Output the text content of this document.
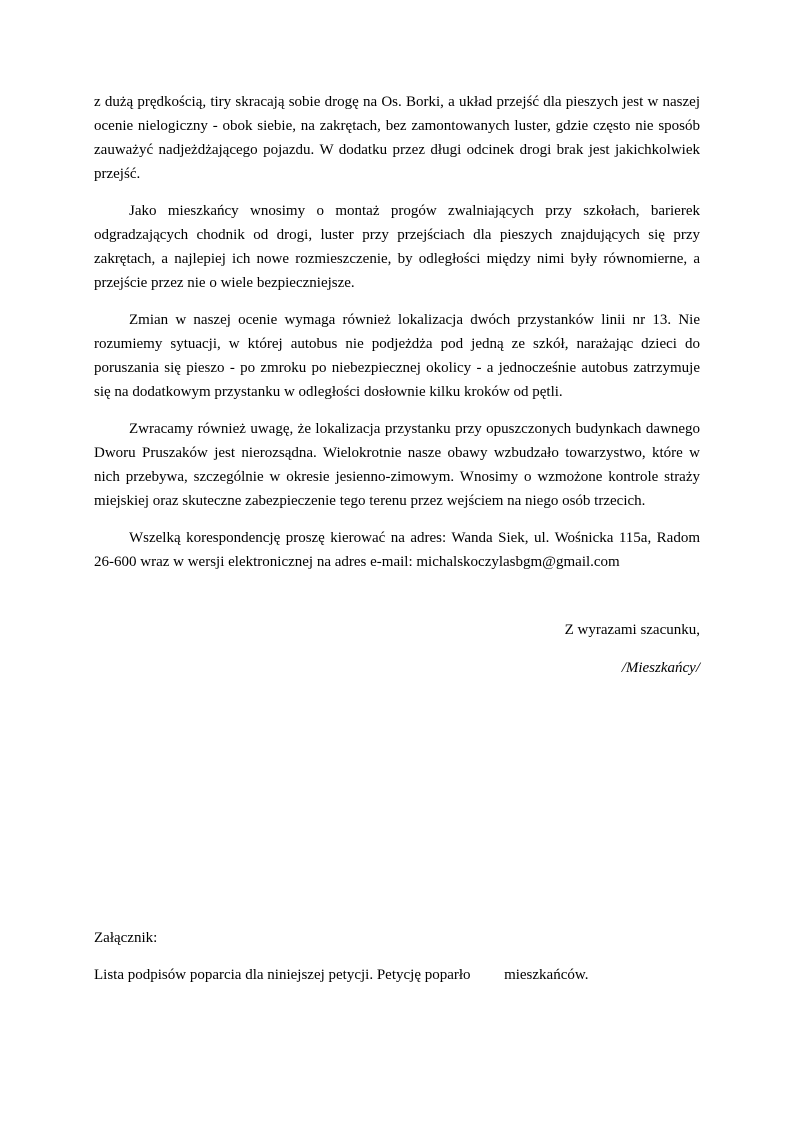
z dużą prędkością, tiry skracają sobie drogę na Os. Borki, a układ przejść dla pieszych jest w naszej ocenie nielogiczny - obok siebie, na zakrętach, bez zamontowanych luster, gdzie często nie sposób zauważyć nadjeżdżającego pojazdu. W dodatku przez długi odcinek drogi brak jest jakichkolwiek przejść.

Jako mieszkańcy wnosimy o montaż progów zwalniających przy szkołach, barierek odgradzających chodnik od drogi, luster przy przejściach dla pieszych znajdujących się przy zakrętach, a najlepiej ich nowe rozmieszczenie, by odległości między nimi były równomierne, a przejście przez nie o wiele bezpieczniejsze.

Zmian w naszej ocenie wymaga również lokalizacja dwóch przystanków linii nr 13. Nie rozumiemy sytuacji, w której autobus nie podjeżdża pod jedną ze szkół, narażając dzieci do poruszania się pieszo - po zmroku po niebezpiecznej okolicy - a jednocześnie autobus zatrzymuje się na dodatkowym przystanku w odległości dosłownie kilku kroków od pętli.

Zwracamy również uwagę, że lokalizacja przystanku przy opuszczonych budynkach dawnego Dworu Pruszaków jest nierozsądna. Wielokrotnie nasze obawy wzbudzało towarzystwo, które w nich przebywa, szczególnie w okresie jesienno-zimowym. Wnosimy o wzmożone kontrole straży miejskiej oraz skuteczne zabezpieczenie tego terenu przez wejściem na niego osób trzecich.

Wszelką korespondencję proszę kierować na adres: Wanda Siek, ul. Wośnicka 115a, Radom 26-600 wraz w wersji elektronicznej na adres e-mail: michalskoczylasbgm@gmail.com

Z wyrazami szacunku,

/Mieszkańcy/

Załącznik:

Lista podpisów poparcia dla niniejszej petycji. Petycję poparło mieszkańców.
